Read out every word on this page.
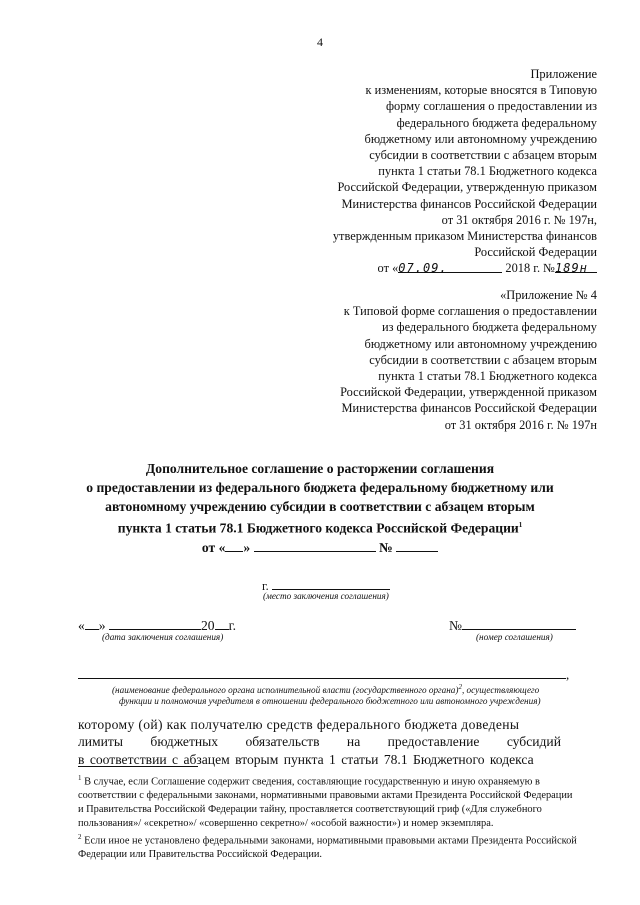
4
Приложение
к изменениям, которые вносятся в Типовую
форму соглашения о предоставлении из
федерального бюджета федеральному
бюджетному или автономному учреждению
субсидии в соответствии с абзацем вторым
пункта 1 статьи 78.1 Бюджетного кодекса
Российской Федерации, утвержденную приказом
Министерства финансов Российской Федерации
от 31 октября 2016 г. № 197н,
утвержденным приказом Министерства финансов
Российской Федерации
от «07.09.	2018 г. №189н
«Приложение № 4
к Типовой форме соглашения о предоставлении
из федерального бюджета федеральному
бюджетному или автономному учреждению
субсидии в соответствии с абзацем вторым
пункта 1 статьи 78.1 Бюджетного кодекса
Российской Федерации, утвержденной приказом
Министерства финансов Российской Федерации
от 31 октября 2016 г. № 197н
Дополнительное соглашение о расторжении соглашения
о предоставлении из федерального бюджета федеральному бюджетному или
автономному учреждению субсидии в соответствии с абзацем вторым
пункта 1 статьи 78.1 Бюджетного кодекса Российской Федерации$^1$
от « »	№
г.
(место заключения соглашения)
« »	20 г.
(дата заключения соглашения)
№
(номер соглашения)
,
(наименование федерального органа исполнительной власти (государственного органа)$^2$, осуществляющего
функции и полномочия учредителя в отношении федерального бюджетного или автономного учреждения)
которому (ой) как получателю средств федерального бюджета доведены
лимиты бюджетных обязательств на предоставление субсидий
в соответствии с абзацем вторым пункта 1 статьи 78.1 Бюджетного кодекса
$^1$ В случае, если Соглашение содержит сведения, составляющие государственную и иную охраняемую в
соответствии с федеральными законами, нормативными правовыми актами Президента Российской Федерации
и Правительства Российской Федерации тайну, проставляется соответствующий гриф («Для служебного
пользования»/ «секретно»/ «совершенно секретно»/ «особой важности») и номер экземпляра.
$^2$ Если иное не установлено федеральными законами, нормативными правовыми актами Президента Российской
Федерации или Правительства Российской Федерации.
